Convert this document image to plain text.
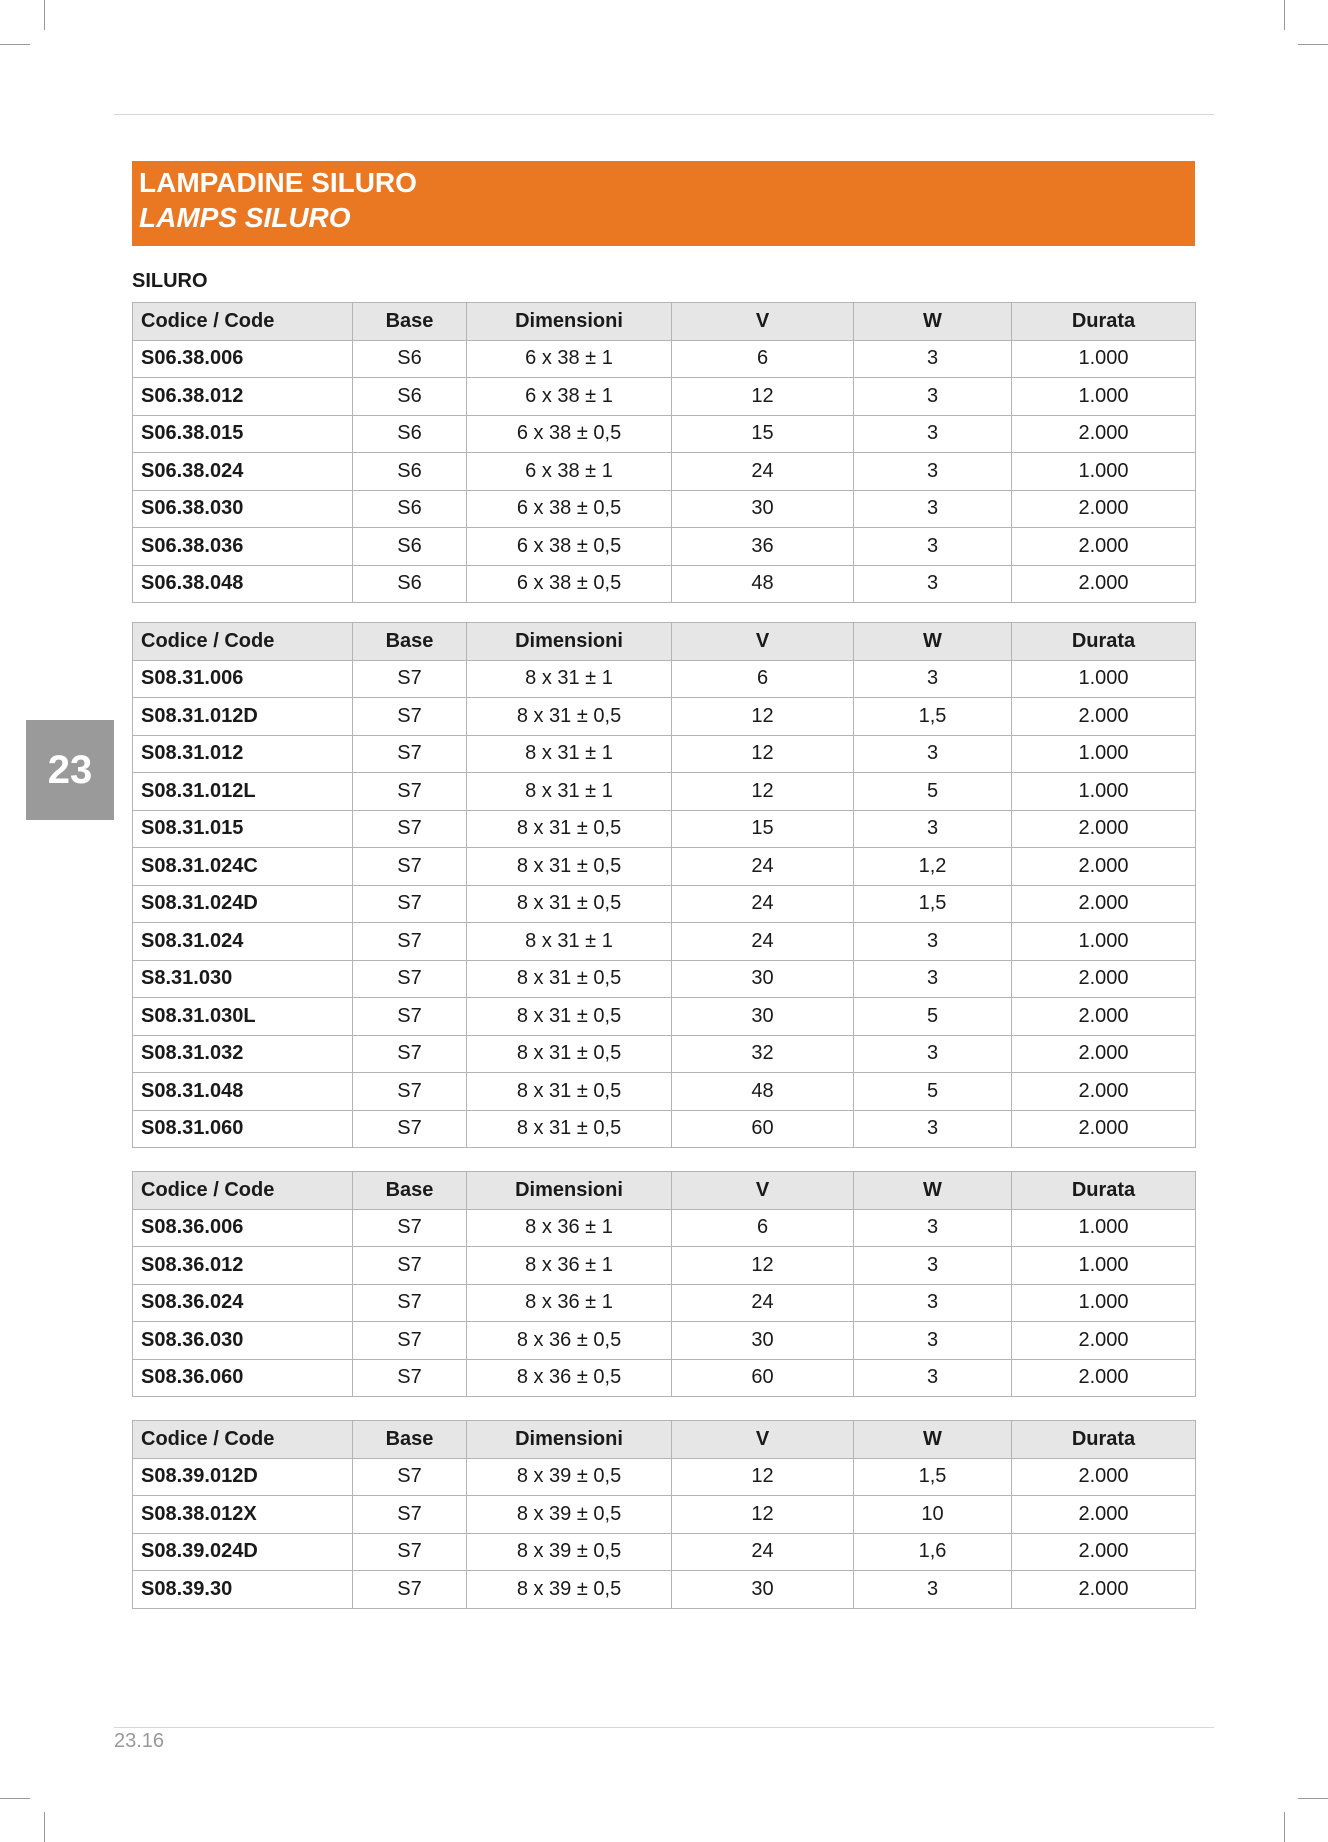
LAMPADINE SILURO
LAMPS SILURO
SILURO
23
Codice / Code	Base	Dimensioni	V	W	Durata
S06.38.006	S6	6 x 38 ± 1	6	3	1.000
S06.38.012	S6	6 x 38 ± 1	12	3	1.000
S06.38.015	S6	6 x 38 ± 0,5	15	3	2.000
S06.38.024	S6	6 x 38 ± 1	24	3	1.000
S06.38.030	S6	6 x 38 ± 0,5	30	3	2.000
S06.38.036	S6	6 x 38 ± 0,5	36	3	2.000
S06.38.048	S6	6 x 38 ± 0,5	48	3	2.000
Codice / Code	Base	Dimensioni	V	W	Durata
S08.31.006	S7	8 x 31 ± 1	6	3	1.000
S08.31.012D	S7	8 x 31 ± 0,5	12	1,5	2.000
S08.31.012	S7	8 x 31 ± 1	12	3	1.000
S08.31.012L	S7	8 x 31 ± 1	12	5	1.000
S08.31.015	S7	8 x 31 ± 0,5	15	3	2.000
S08.31.024C	S7	8 x 31 ± 0,5	24	1,2	2.000
S08.31.024D	S7	8 x 31 ± 0,5	24	1,5	2.000
S08.31.024	S7	8 x 31 ± 1	24	3	1.000
S8.31.030	S7	8 x 31 ± 0,5	30	3	2.000
S08.31.030L	S7	8 x 31 ± 0,5	30	5	2.000
S08.31.032	S7	8 x 31 ± 0,5	32	3	2.000
S08.31.048	S7	8 x 31 ± 0,5	48	5	2.000
S08.31.060	S7	8 x 31 ± 0,5	60	3	2.000
Codice / Code	Base	Dimensioni	V	W	Durata
S08.36.006	S7	8 x 36 ± 1	6	3	1.000
S08.36.012	S7	8 x 36 ± 1	12	3	1.000
S08.36.024	S7	8 x 36 ± 1	24	3	1.000
S08.36.030	S7	8 x 36 ± 0,5	30	3	2.000
S08.36.060	S7	8 x 36 ± 0,5	60	3	2.000
Codice / Code	Base	Dimensioni	V	W	Durata
S08.39.012D	S7	8 x 39 ± 0,5	12	1,5	2.000
S08.38.012X	S7	8 x 39 ± 0,5	12	10	2.000
S08.39.024D	S7	8 x 39 ± 0,5	24	1,6	2.000
S08.39.30	S7	8 x 39 ± 0,5	30	3	2.000
23.16
